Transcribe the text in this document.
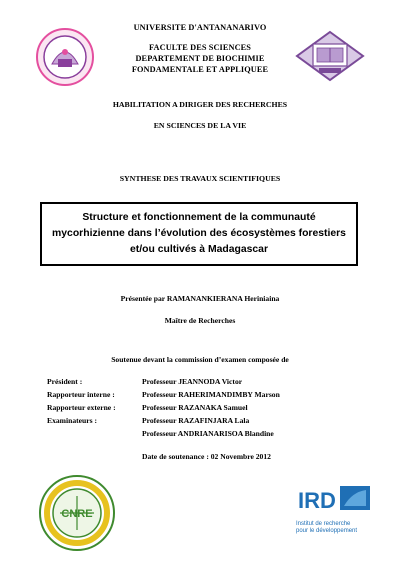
UNIVERSITE D'ANTANANARIVO
FACULTE DES SCIENCES
DEPARTEMENT DE BIOCHIMIE
FONDAMENTALE ET APPLIQUEE
HABILITATION A DIRIGER DES RECHERCHES
EN SCIENCES DE LA VIE
SYNTHESE DES TRAVAUX SCIENTIFIQUES
Structure et fonctionnement de la communauté
mycorhizienne dans l’évolution des écosystèmes forestiers
et/ou cultivés à Madagascar
Présentée par RAMANANKIERANA Heriniaina
Maître de Recherches
Soutenue devant la commission d’examen composée de
Président :	Professeur JEANNODA Victor
Rapporteur interne :	Professeur RAHERIMANDIMBY Marson
Rapporteur externe :	Professeur RAZANAKA Samuel
Examinateurs :	Professeur RAZAFINJARA Lala
Professeur ANDRIANARISOA Blandine
Date de soutenance : 02 Novembre 2012
CNRE
IRD
Institut de recherche
pour le développement
